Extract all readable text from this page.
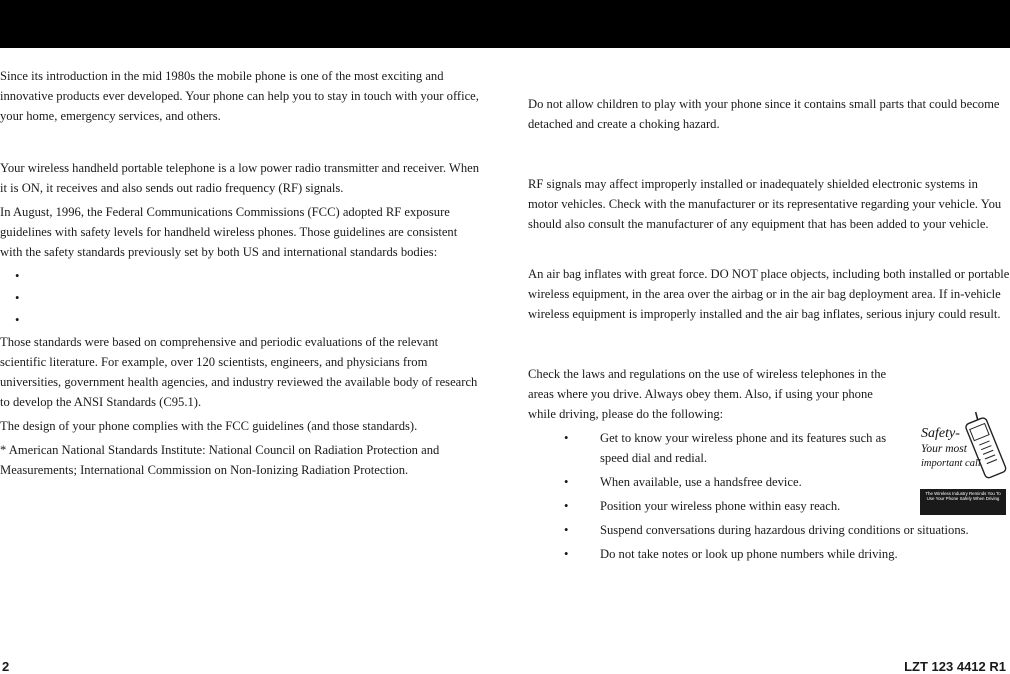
Since its introduction in the mid 1980s the mobile phone is one of the most exciting and innovative products ever developed. Your phone can help you to stay in touch with your office, your home, emergency services, and others.

Your wireless handheld portable telephone is a low power radio transmitter and receiver. When it is ON, it receives and also sends out radio frequency (RF) signals.

In August, 1996, the Federal Communications Commissions (FCC) adopted RF exposure guidelines with safety levels for handheld wireless phones. Those guidelines are consistent with the safety standards previously set by both US and international standards bodies:

•
•
•

Those standards were based on comprehensive and periodic evaluations of the relevant scientific literature. For example, over 120 scientists, engineers, and physicians from universities, government health agencies, and industry reviewed the available body of research to develop the ANSI Standards (C95.1).

The design of your phone complies with the FCC guidelines (and those standards).

* American National Standards Institute: National Council on Radiation Protection and Measurements; International Commission on Non-Ionizing Radiation Protection.

Do not allow children to play with your phone since it contains small parts that could become detached and create a choking hazard.

RF signals may affect improperly installed or inadequately shielded electronic systems in motor vehicles. Check with the manufacturer or its representative regarding your vehicle. You should also consult the manufacturer of any equipment that has been added to your vehicle.

An air bag inflates with great force. DO NOT place objects, including both installed or portable wireless equipment, in the area over the airbag or in the air bag deployment area. If in-vehicle wireless equipment is improperly installed and the air bag inflates, serious injury could result.

Check the laws and regulations on the use of wireless telephones in the areas where you drive. Always obey them. Also, if using your phone while driving, please do the following:

• Get to know your wireless phone and its features such as speed dial and redial.
• When available, use a handsfree device.
• Position your wireless phone within easy reach.
• Suspend conversations during hazardous driving conditions or situations.
• Do not take notes or look up phone numbers while driving.
Safety-
Your most
important call
The Wireless Industry Reminds You To Use Your Phone Safely When Driving
2	LZT 123 4412 R1
